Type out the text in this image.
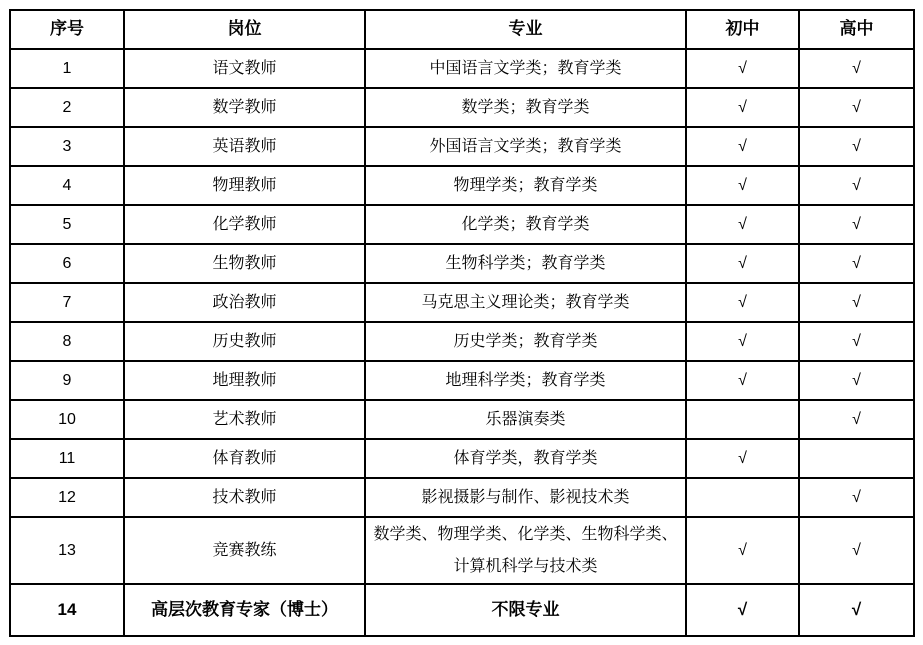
序号	岗位	专业	初中	高中
1	语文教师	中国语言文学类；教育学类	√	√
2	数学教师	数学类；教育学类	√	√
3	英语教师	外国语言文学类；教育学类	√	√
4	物理教师	物理学类；教育学类	√	√
5	化学教师	化学类；教育学类	√	√
6	生物教师	生物科学类；教育学类	√	√
7	政治教师	马克思主义理论类；教育学类	√	√
8	历史教师	历史学类；教育学类	√	√
9	地理教师	地理科学类；教育学类	√	√
10	艺术教师	乐器演奏类		√
11	体育教师	体育学类，教育学类	√	
12	技术教师	影视摄影与制作、影视技术类		√
13	竞赛教练	数学类、物理学类、化学类、生物科学类、计算机科学与技术类	√	√
14	高层次教育专家（博士）	不限专业	√	√
